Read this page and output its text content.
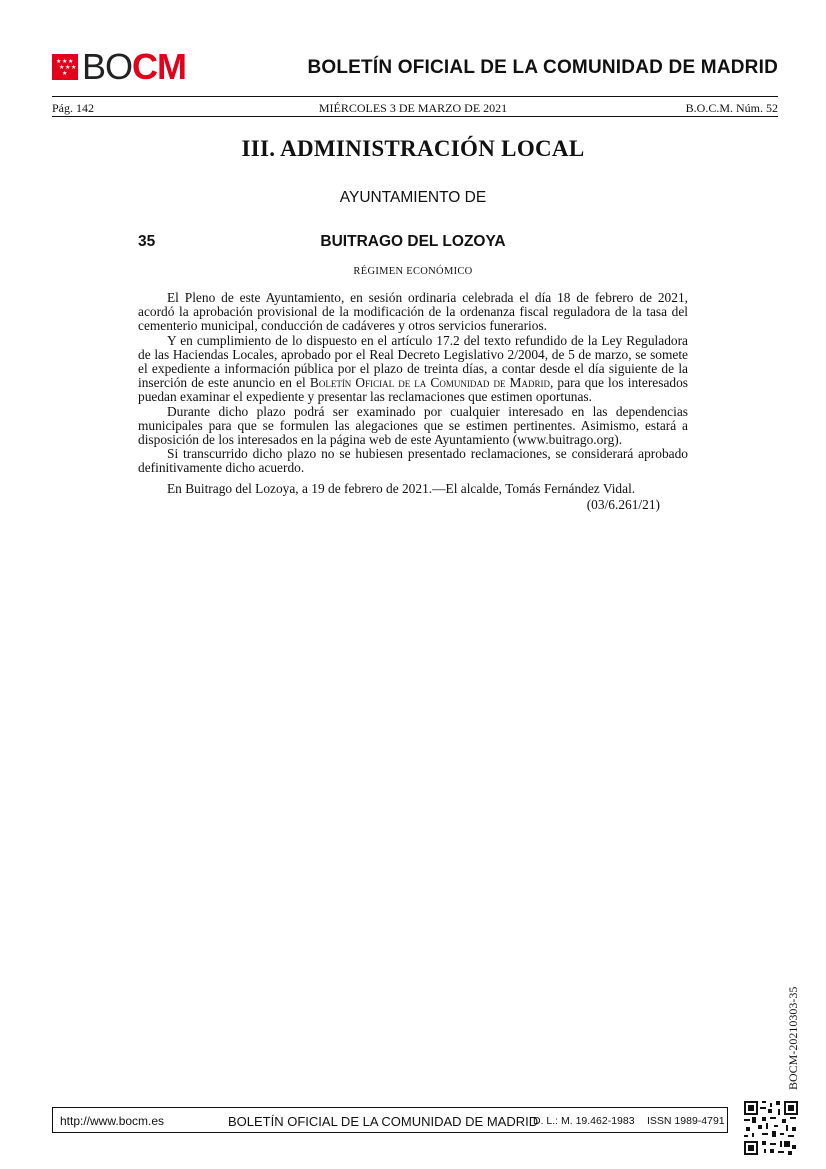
★ ★ ★
★ ★ ★
★ BOCM	BOLETÍN OFICIAL DE LA COMUNIDAD DE MADRID
Pág. 142	MIÉRCOLES 3 DE MARZO DE 2021	B.O.C.M. Núm. 52
III. ADMINISTRACIÓN LOCAL
AYUNTAMIENTO DE
35	BUITRAGO DEL LOZOYA
RÉGIMEN ECONÓMICO

El Pleno de este Ayuntamiento, en sesión ordinaria celebrada el día 18 de febrero de 2021, acordó la aprobación provisional de la modificación de la ordenanza fiscal reguladora de la tasa del cementerio municipal, conducción de cadáveres y otros servicios funerarios.

Y en cumplimiento de lo dispuesto en el artículo 17.2 del texto refundido de la Ley Reguladora de las Haciendas Locales, aprobado por el Real Decreto Legislativo 2/2004, de 5 de marzo, se somete el expediente a información pública por el plazo de treinta días, a contar desde el día siguiente de la inserción de este anuncio en el Boletín Oficial de la Comunidad de Madrid, para que los interesados puedan examinar el expediente y presentar las reclamaciones que estimen oportunas.

Durante dicho plazo podrá ser examinado por cualquier interesado en las dependencias municipales para que se formulen las alegaciones que se estimen pertinentes. Asimismo, estará a disposición de los interesados en la página web de este Ayuntamiento (www.buitrago.org).

Si transcurrido dicho plazo no se hubiesen presentado reclamaciones, se considerará aprobado definitivamente dicho acuerdo.

En Buitrago del Lozoya, a 19 de febrero de 2021.—El alcalde, Tomás Fernández Vidal.

(03/6.261/21)

BOCM-20210303-35
http://www.bocm.es	BOLETÍN OFICIAL DE LA COMUNIDAD DE MADRID
D. L.: M. 19.462-1983 ISSN 1989-4791
